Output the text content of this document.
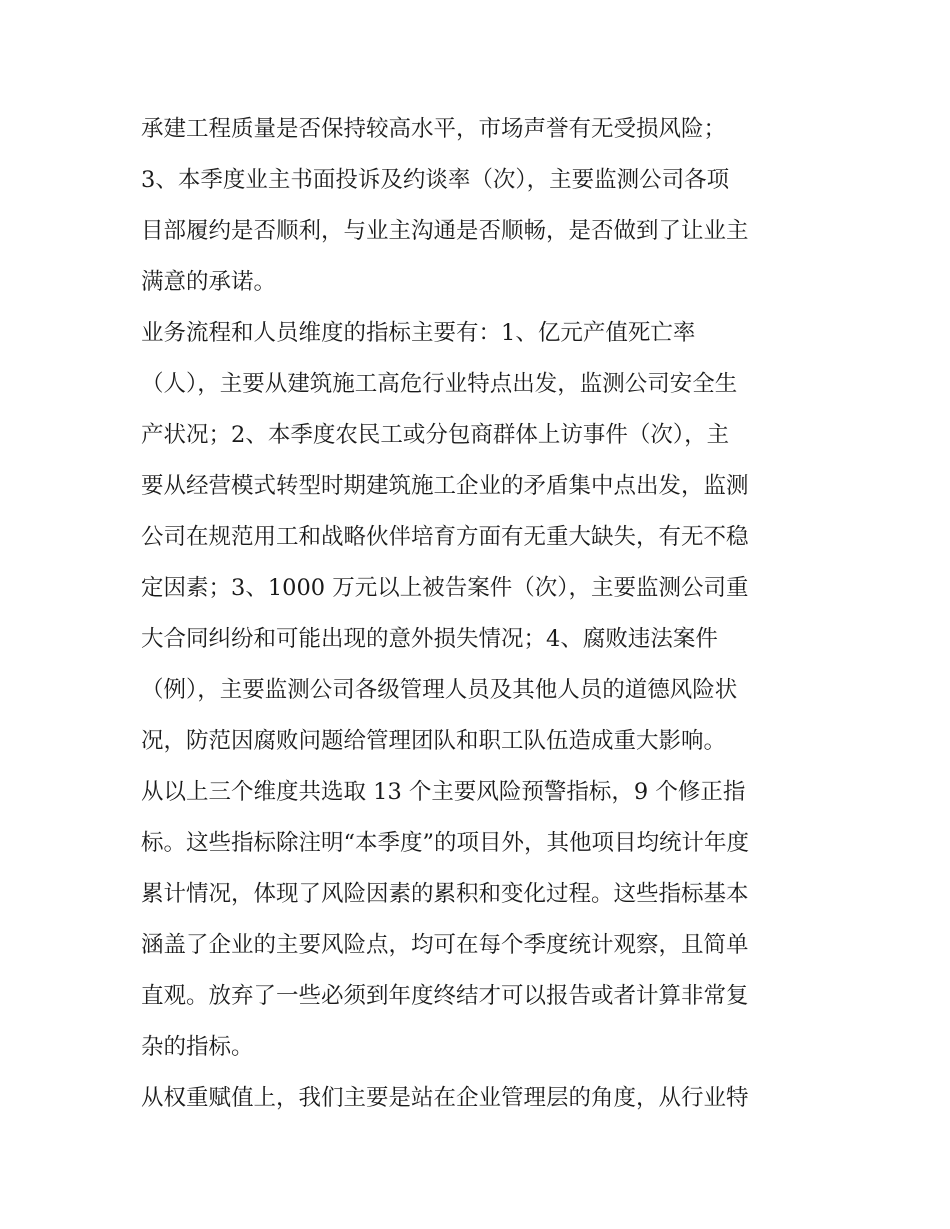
承建工程质量是否保持较高水平，市场声誉有无受损风险；

3、本季度业主书面投诉及约谈率（次），主要监测公司各项

目部履约是否顺利，与业主沟通是否顺畅，是否做到了让业主

满意的承诺。

业务流程和人员维度的指标主要有：1、亿元产值死亡率

（人），主要从建筑施工高危行业特点出发，监测公司安全生

产状况；2、本季度农民工或分包商群体上访事件（次），主

要从经营模式转型时期建筑施工企业的矛盾集中点出发，监测

公司在规范用工和战略伙伴培育方面有无重大缺失，有无不稳

定因素；3、1000 万元以上被告案件（次），主要监测公司重

大合同纠纷和可能出现的意外损失情况；4、腐败违法案件

（例），主要监测公司各级管理人员及其他人员的道德风险状

况，防范因腐败问题给管理团队和职工队伍造成重大影响。

从以上三个维度共选取 13 个主要风险预警指标，9 个修正指

标。这些指标除注明“本季度”的项目外，其他项目均统计年度

累计情况，体现了风险因素的累积和变化过程。这些指标基本

涵盖了企业的主要风险点，均可在每个季度统计观察，且简单

直观。放弃了一些必须到年度终结才可以报告或者计算非常复

杂的指标。

从权重赋值上，我们主要是站在企业管理层的角度，从行业特
